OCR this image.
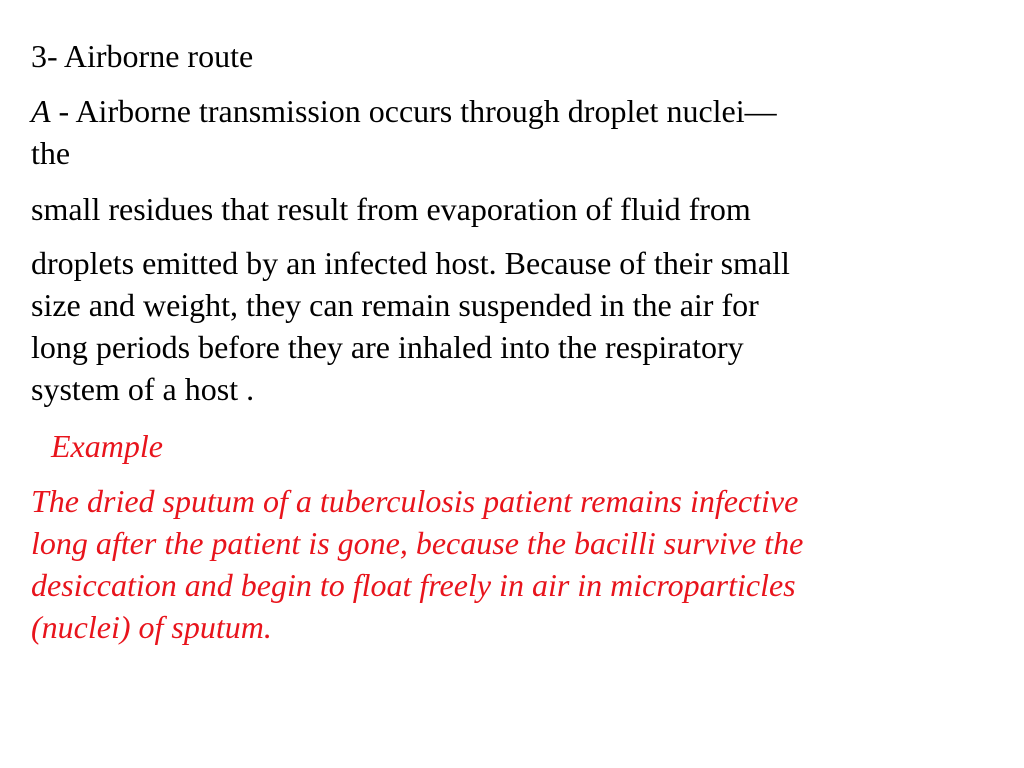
3- Airborne route

A - Airborne transmission occurs through droplet nuclei—
the

small residues that result from evaporation of fluid from

droplets emitted by an infected host. Because of their small
size and weight, they can remain suspended in the air for
long periods before they are inhaled into the respiratory
system of a host .

Example

The dried sputum of a tuberculosis patient remains infective
long after the patient is gone, because the bacilli survive the
desiccation and begin to float freely in air in microparticles
(nuclei) of sputum.
